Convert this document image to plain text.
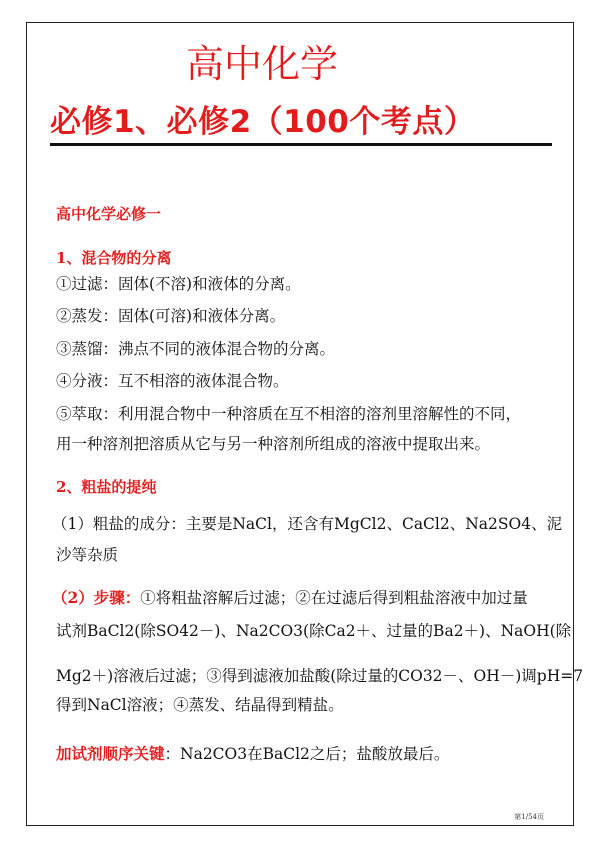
高中化学
必修1、必修2（100个考点）
高中化学必修一
1、混合物的分离
①过滤：固体(不溶)和液体的分离。
②蒸发：固体(可溶)和液体分离。
③蒸馏：沸点不同的液体混合物的分离。
④分液：互不相溶的液体混合物。
⑤萃取：利用混合物中一种溶质在互不相溶的溶剂里溶解性的不同，
用一种溶剂把溶质从它与另一种溶剂所组成的溶液中提取出来。
2、粗盐的提纯
（1）粗盐的成分：主要是NaCl，还含有MgCl2、CaCl2、Na2SO4、泥
沙等杂质
（2）步骤：①将粗盐溶解后过滤；②在过滤后得到粗盐溶液中加过量
试剂BaCl2(除SO42－)、Na2CO3(除Ca2＋、过量的Ba2＋)、NaOH(除
Mg2＋)溶液后过滤；③得到滤液加盐酸(除过量的CO32－、OH－)调pH=7
得到NaCl溶液；④蒸发、结晶得到精盐。
加试剂顺序关键：Na2CO3在BaCl2之后；盐酸放最后。
第1/54页
